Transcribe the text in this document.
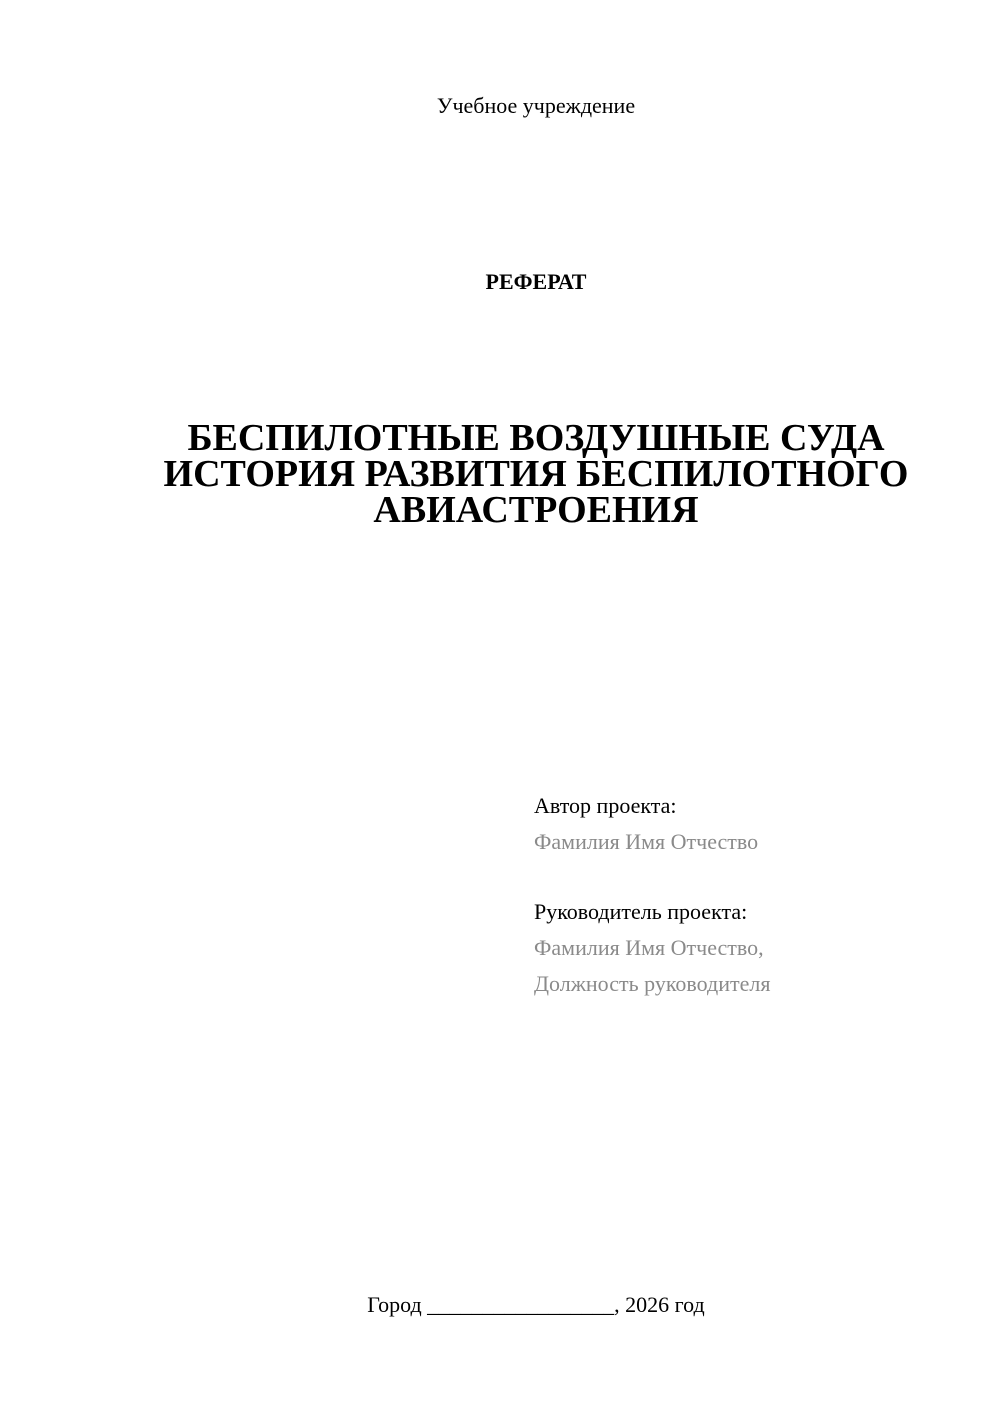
Учебное учреждение
РЕФЕРАТ
БЕСПИЛОТНЫЕ ВОЗДУШНЫЕ СУДА
ИСТОРИЯ РАЗВИТИЯ БЕСПИЛОТНОГО
АВИАСТРОЕНИЯ
Автор проекта:
Фамилия Имя Отчество
Руководитель проекта:
Фамилия Имя Отчество,
Должность руководителя
Город _________________, 2026 год
